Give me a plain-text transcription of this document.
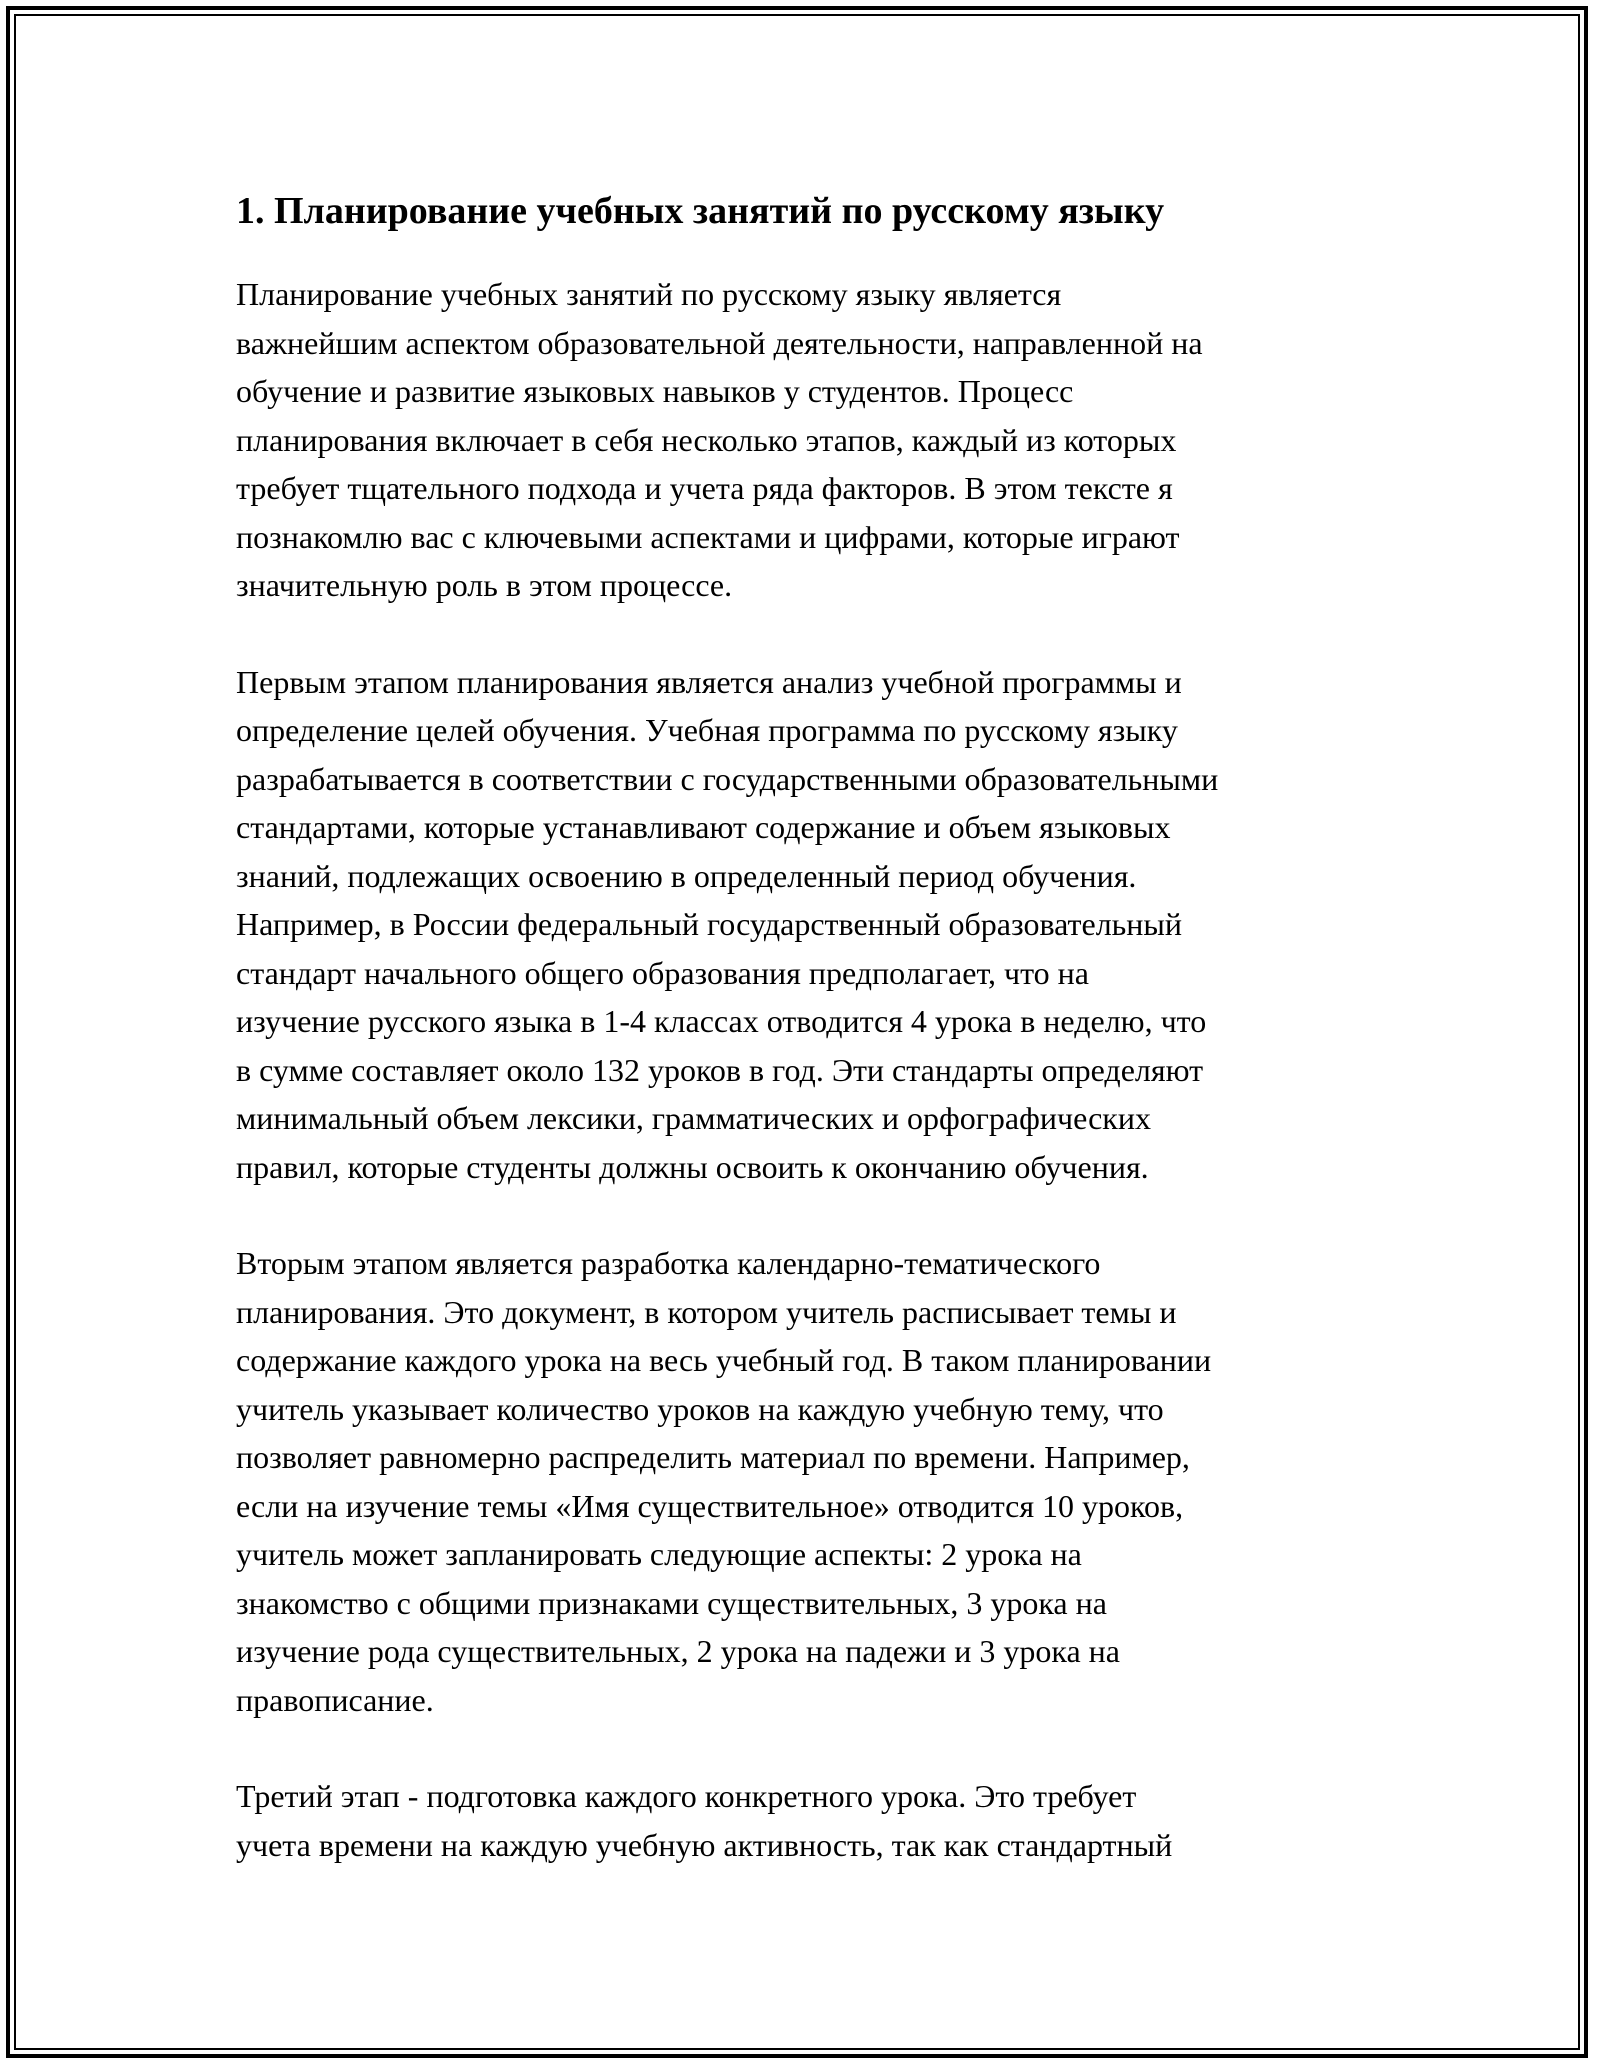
1. Планирование учебных занятий по русскому языку

Планирование учебных занятий по русскому языку является
важнейшим аспектом образовательной деятельности, направленной на
обучение и развитие языковых навыков у студентов. Процесс
планирования включает в себя несколько этапов, каждый из которых
требует тщательного подхода и учета ряда факторов. В этом тексте я
познакомлю вас с ключевыми аспектами и цифрами, которые играют
значительную роль в этом процессе.

Первым этапом планирования является анализ учебной программы и
определение целей обучения. Учебная программа по русскому языку
разрабатывается в соответствии с государственными образовательными
стандартами, которые устанавливают содержание и объем языковых
знаний, подлежащих освоению в определенный период обучения.
Например, в России федеральный государственный образовательный
стандарт начального общего образования предполагает, что на
изучение русского языка в 1-4 классах отводится 4 урока в неделю, что
в сумме составляет около 132 уроков в год. Эти стандарты определяют
минимальный объем лексики, грамматических и орфографических
правил, которые студенты должны освоить к окончанию обучения.

Вторым этапом является разработка календарно-тематического
планирования. Это документ, в котором учитель расписывает темы и
содержание каждого урока на весь учебный год. В таком планировании
учитель указывает количество уроков на каждую учебную тему, что
позволяет равномерно распределить материал по времени. Например,
если на изучение темы «Имя существительное» отводится 10 уроков,
учитель может запланировать следующие аспекты: 2 урока на
знакомство с общими признаками существительных, 3 урока на
изучение рода существительных, 2 урока на падежи и 3 урока на
правописание.

Третий этап - подготовка каждого конкретного урока. Это требует
учета времени на каждую учебную активность, так как стандартный
